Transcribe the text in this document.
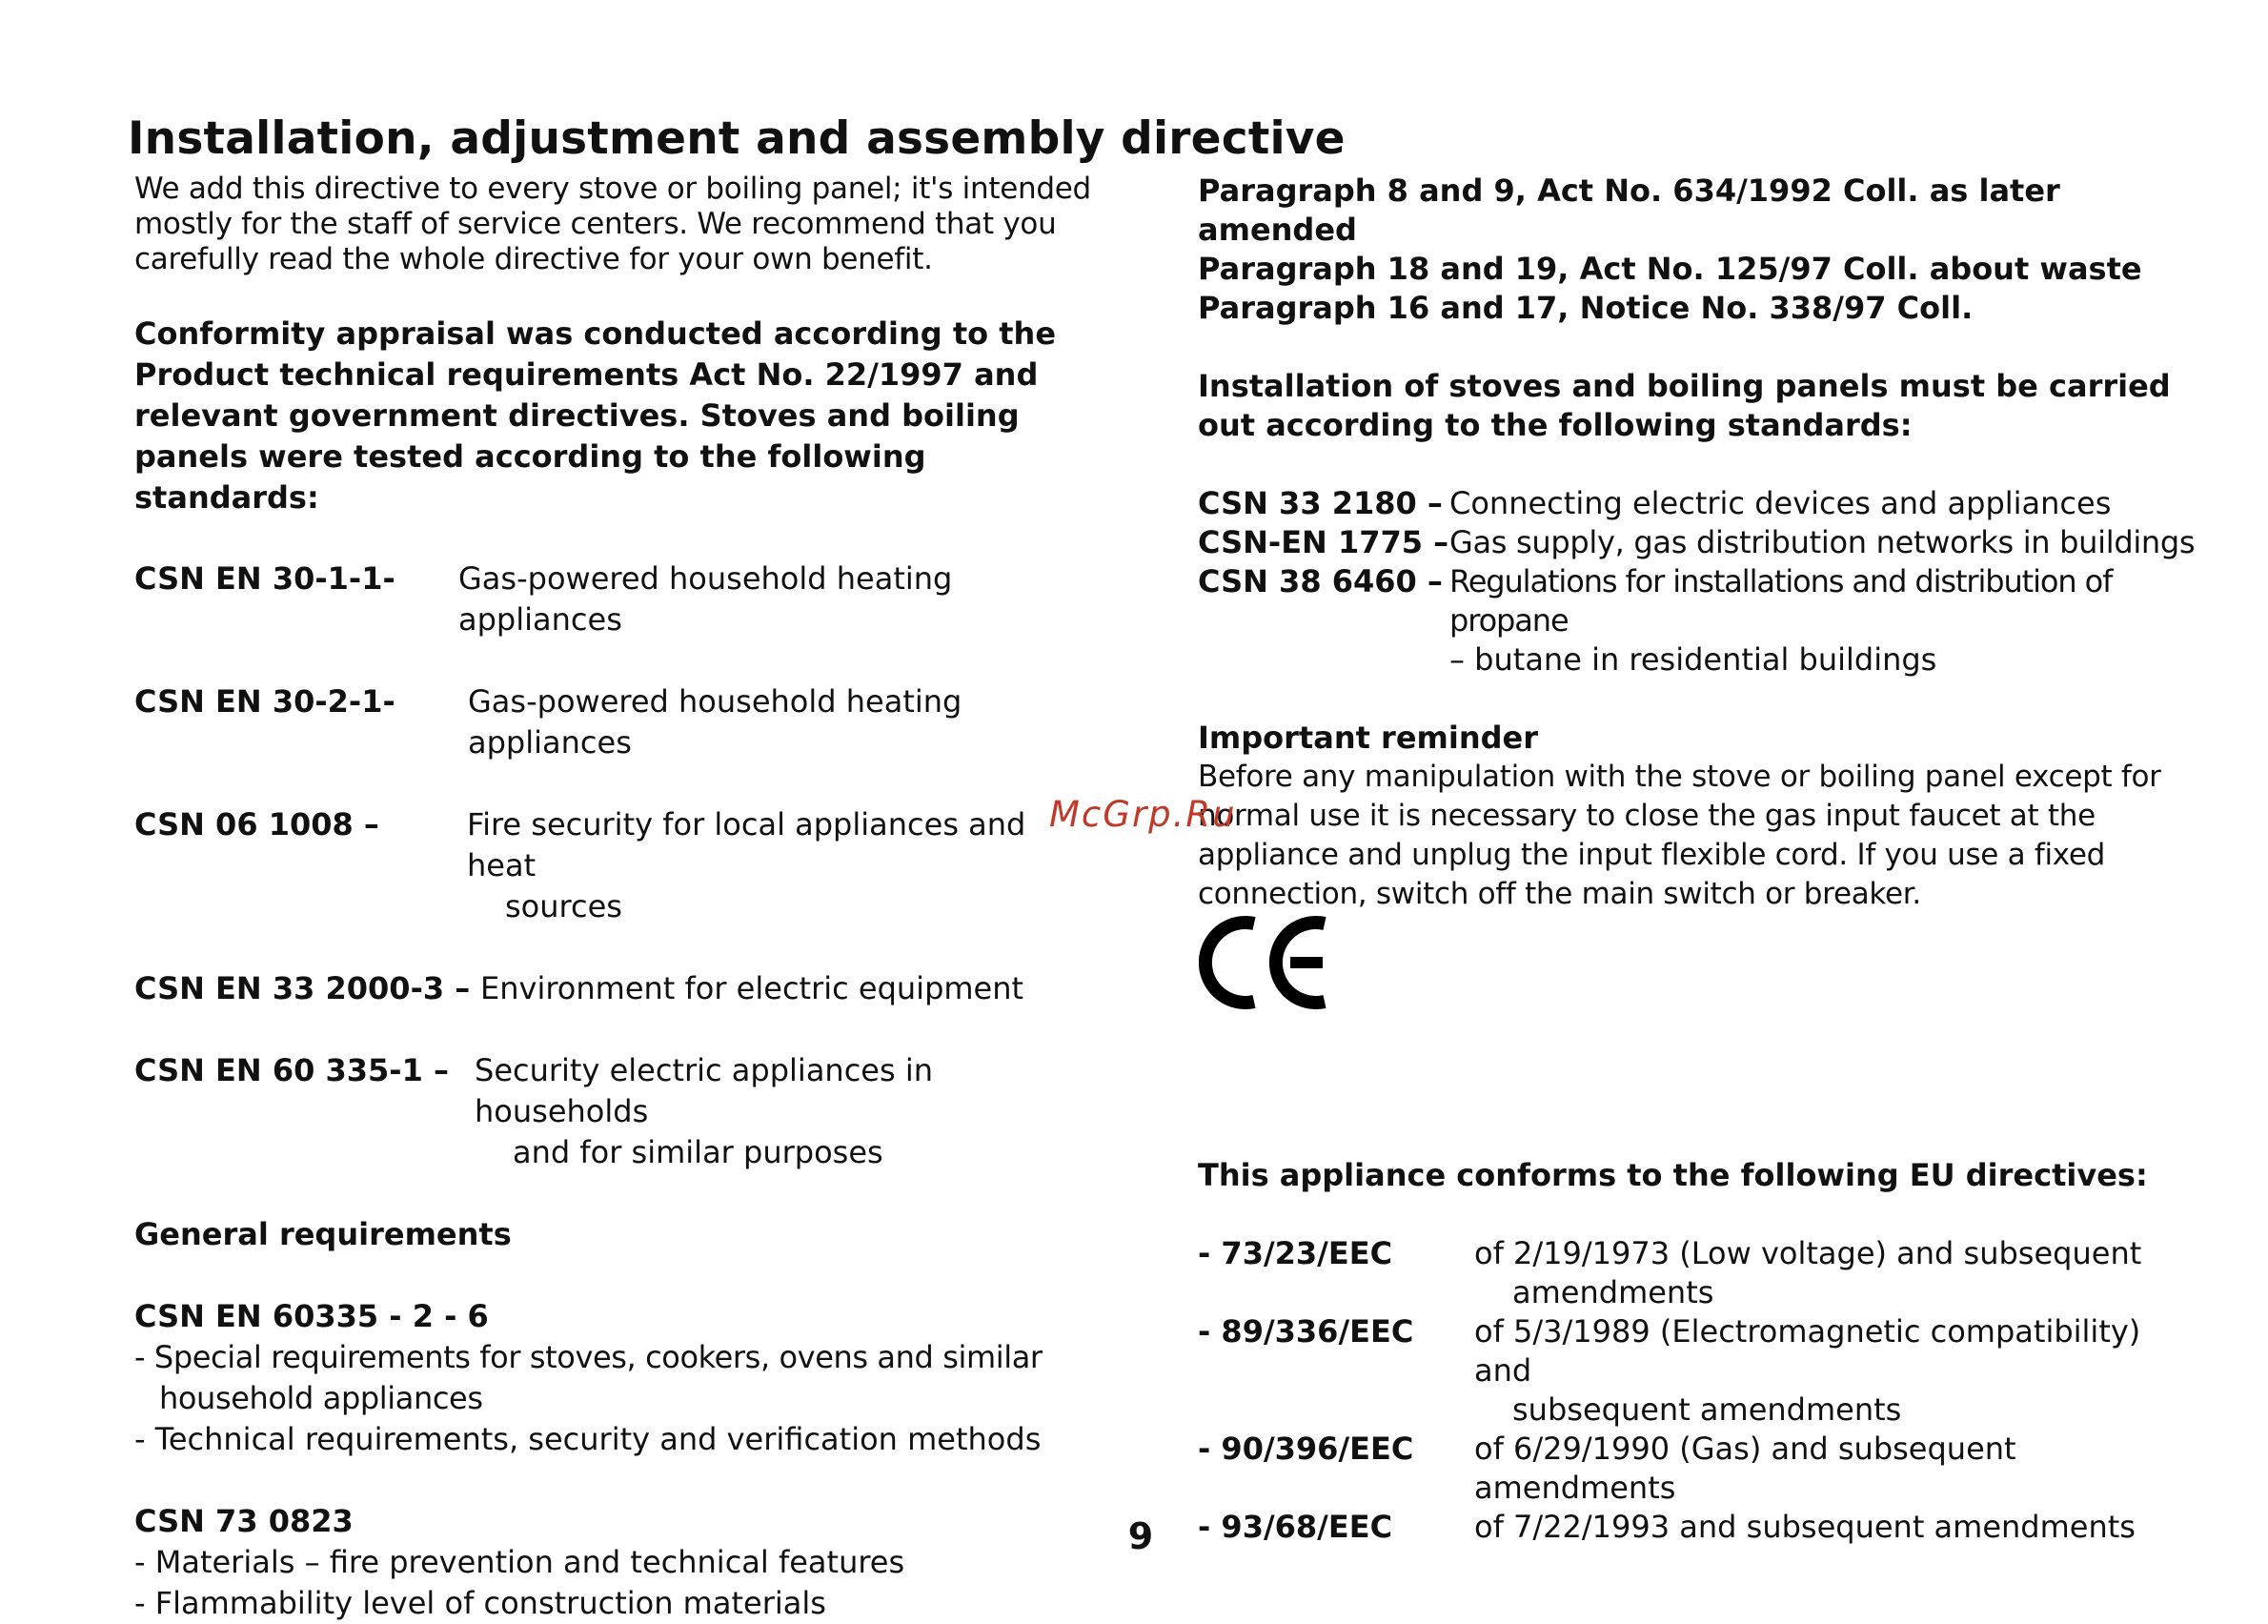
Installation, adjustment and assembly directive

We add this directive to every stove or boiling panel; it's intended mostly for the staff of service centers. We recommend that you carefully read the whole directive for your own benefit.

Conformity appraisal was conducted according to the Product technical requirements Act No. 22/1997 and relevant government directives. Stoves and boiling panels were tested according to the following standards:

CSN EN 30-1-1-	Gas-powered household heating appliances
CSN EN 30-2-1-	Gas-powered household heating appliances
CSN 06 1008 –	Fire security for local appliances and heat
sources
CSN EN 33 2000-3 – Environment for electric equipment
CSN EN 60 335-1 – Security electric appliances in households
and for similar purposes

General requirements

CSN EN 60335 - 2 - 6

- Special requirements for stoves, cookers, ovens and similar household appliances

- Technical requirements, security and verification methods

CSN 73 0823

- Materials – fire prevention and technical features

- Flammability level of construction materials

Paragraph 8 and 9, Act No. 634/1992 Coll. as later amended

Paragraph 18 and 19, Act No. 125/97 Coll. about waste

Paragraph 16 and 17, Notice No. 338/97 Coll.

Installation of stoves and boiling panels must be carried out according to the following standards:

CSN 33 2180 – Connecting electric devices and appliances
CSN-EN 1775 – Gas supply, gas distribution networks in buildings
CSN 38 6460 – Regulations for installations and distribution of propane
– butane in residential buildings

Important reminder

Before any manipulation with the stove or boiling panel except for normal use it is necessary to close the gas input faucet at the appliance and unplug the input flexible cord. If you use a fixed connection, switch off the main switch or breaker.

This appliance conforms to the following EU directives:

- 73/23/EEC	of 2/19/1973 (Low voltage) and subsequent
amendments
- 89/336/EEC	of 5/3/1989 (Electromagnetic compatibility) and
subsequent amendments
- 90/396/EEC	of 6/29/1990 (Gas) and subsequent amendments
- 93/68/EEC	of 7/22/1993 and subsequent amendments
McGrp.Ru
9
